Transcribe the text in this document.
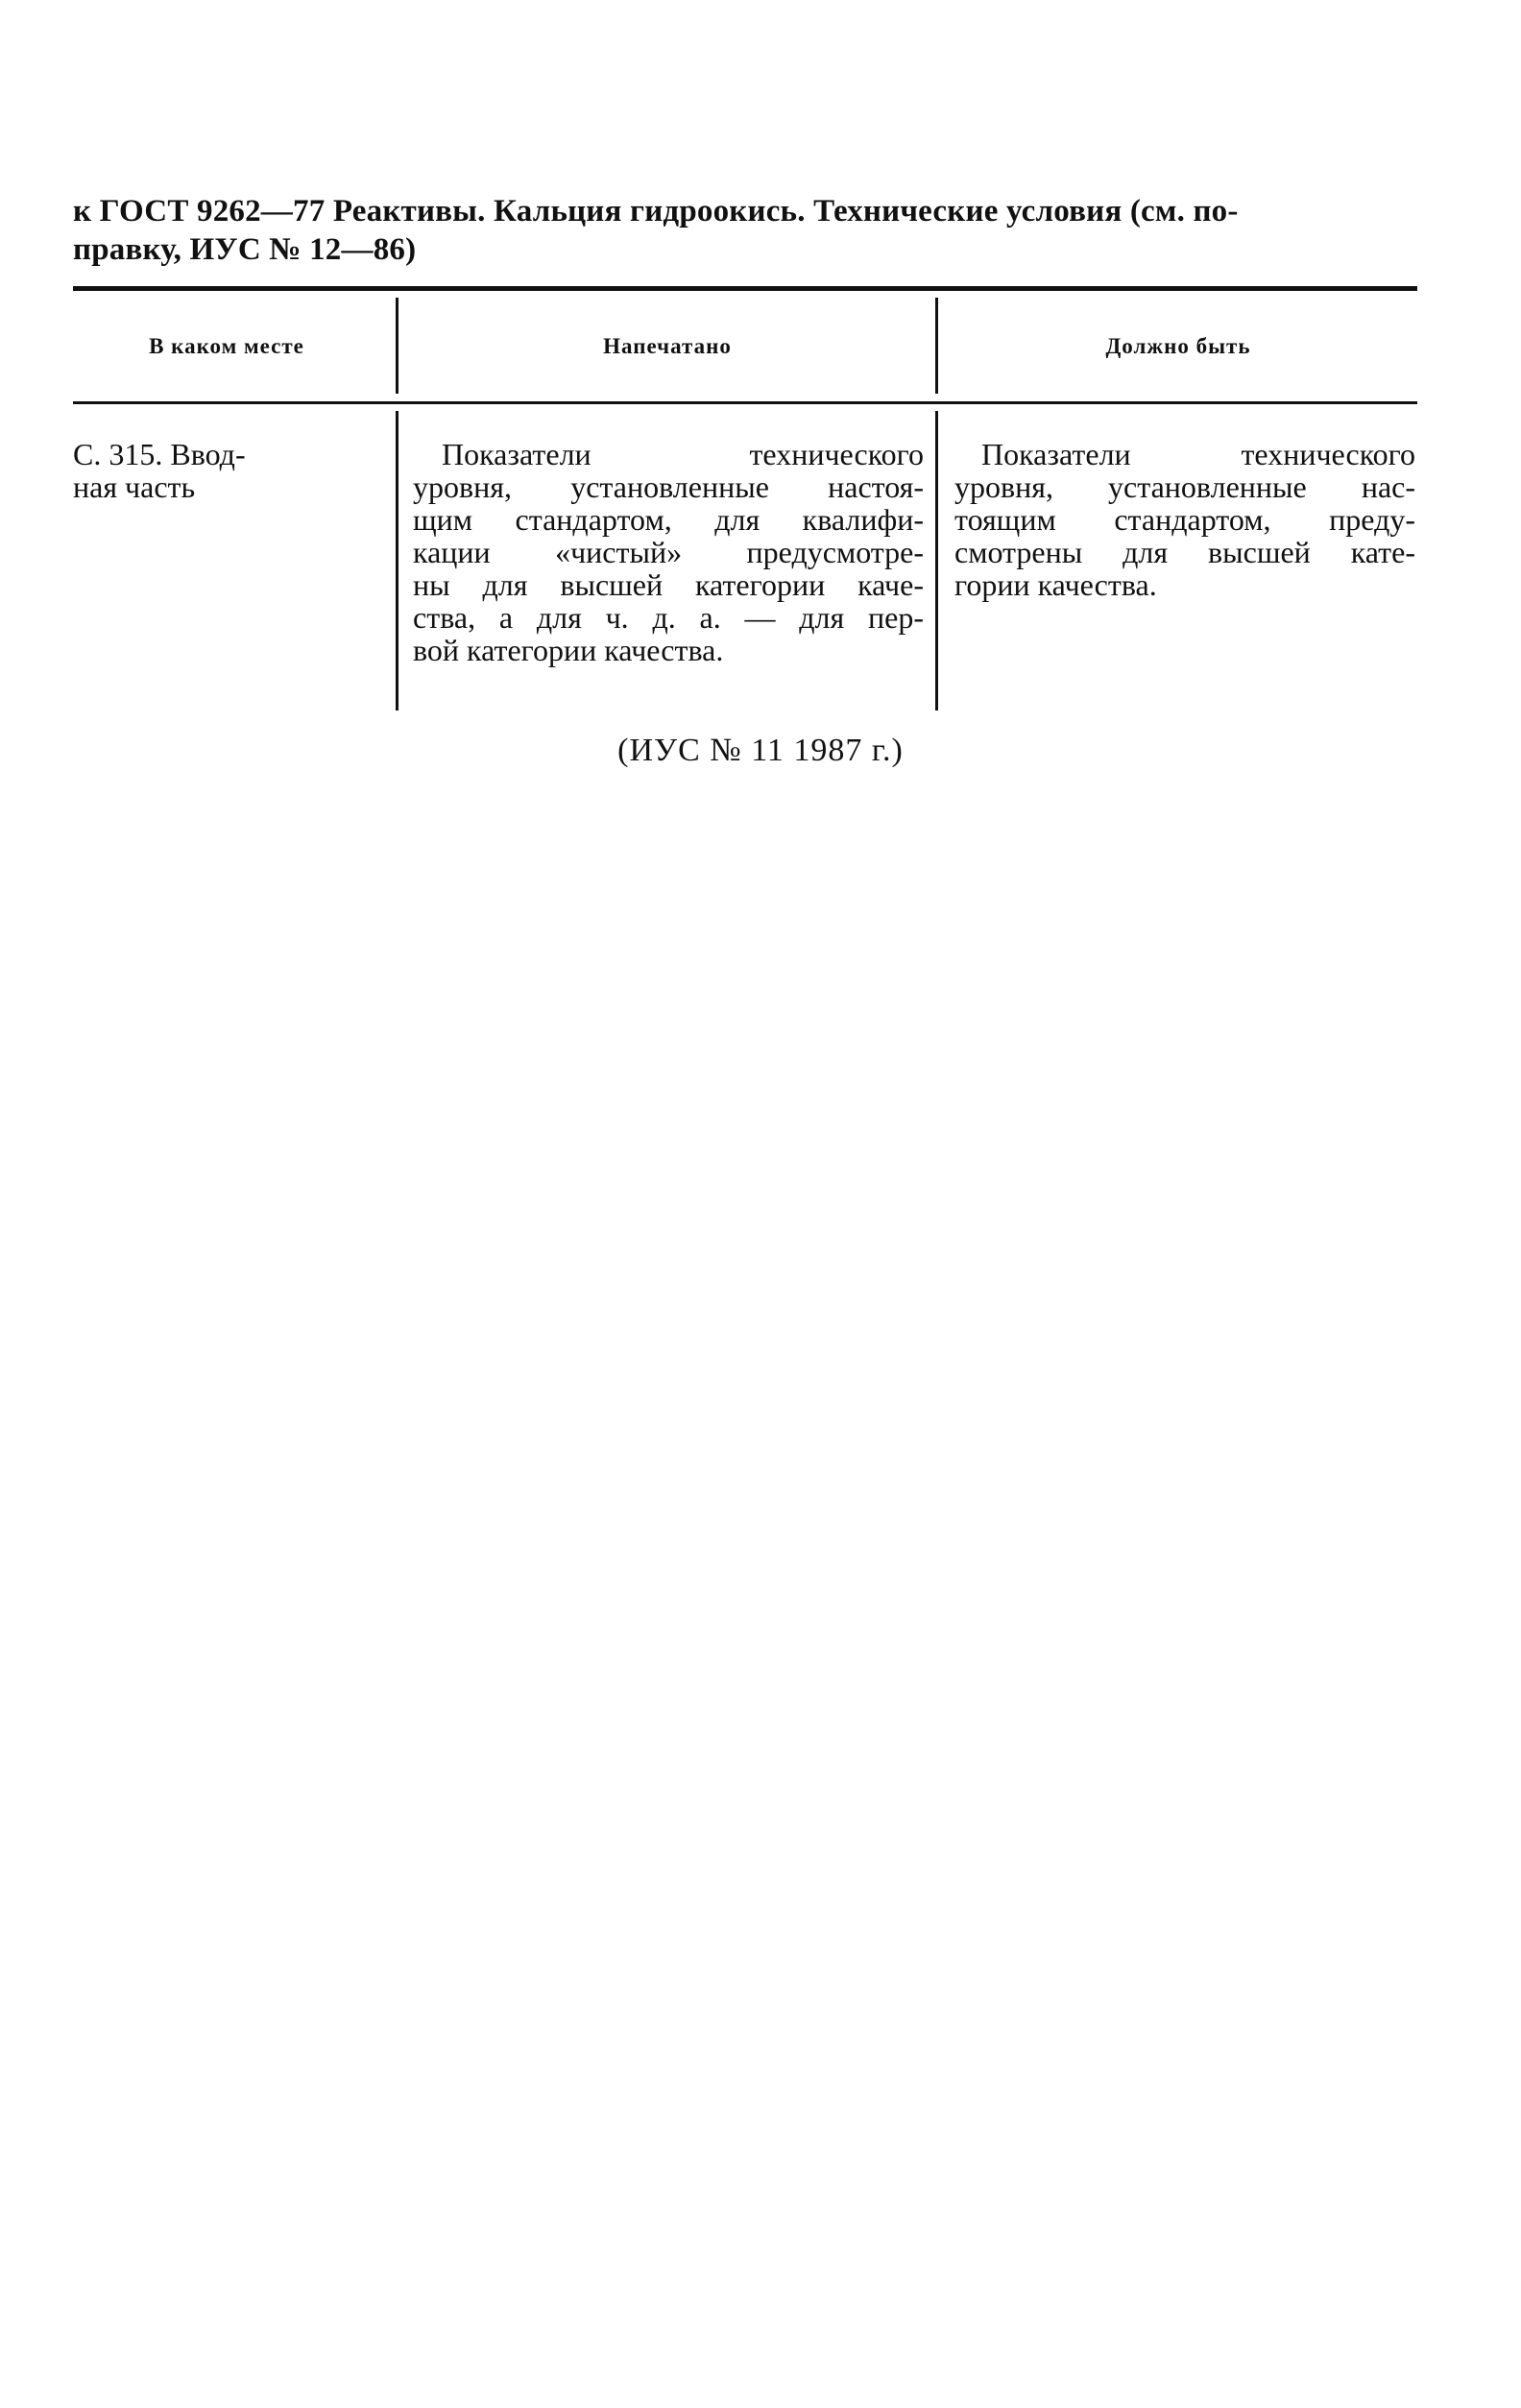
к ГОСТ 9262—77 Реактивы. Кальция гидроокись. Технические условия (см. по-
правку, ИУС № 12—86)
В каком месте	Напечатано	Должно быть
С. 315. Ввод-
ная часть
Показатели технического
уровня, установленные настоя-
щим стандартом, для квалифи-
кации «чистый» предусмотре-
ны для высшей категории каче-
ства, а для ч. д. а. — для пер-
вой категории качества.
Показатели технического
уровня, установленные нас-
тоящим стандартом, преду-
смотрены для высшей кате-
гории качества.
(ИУС № 11 1987 г.)
